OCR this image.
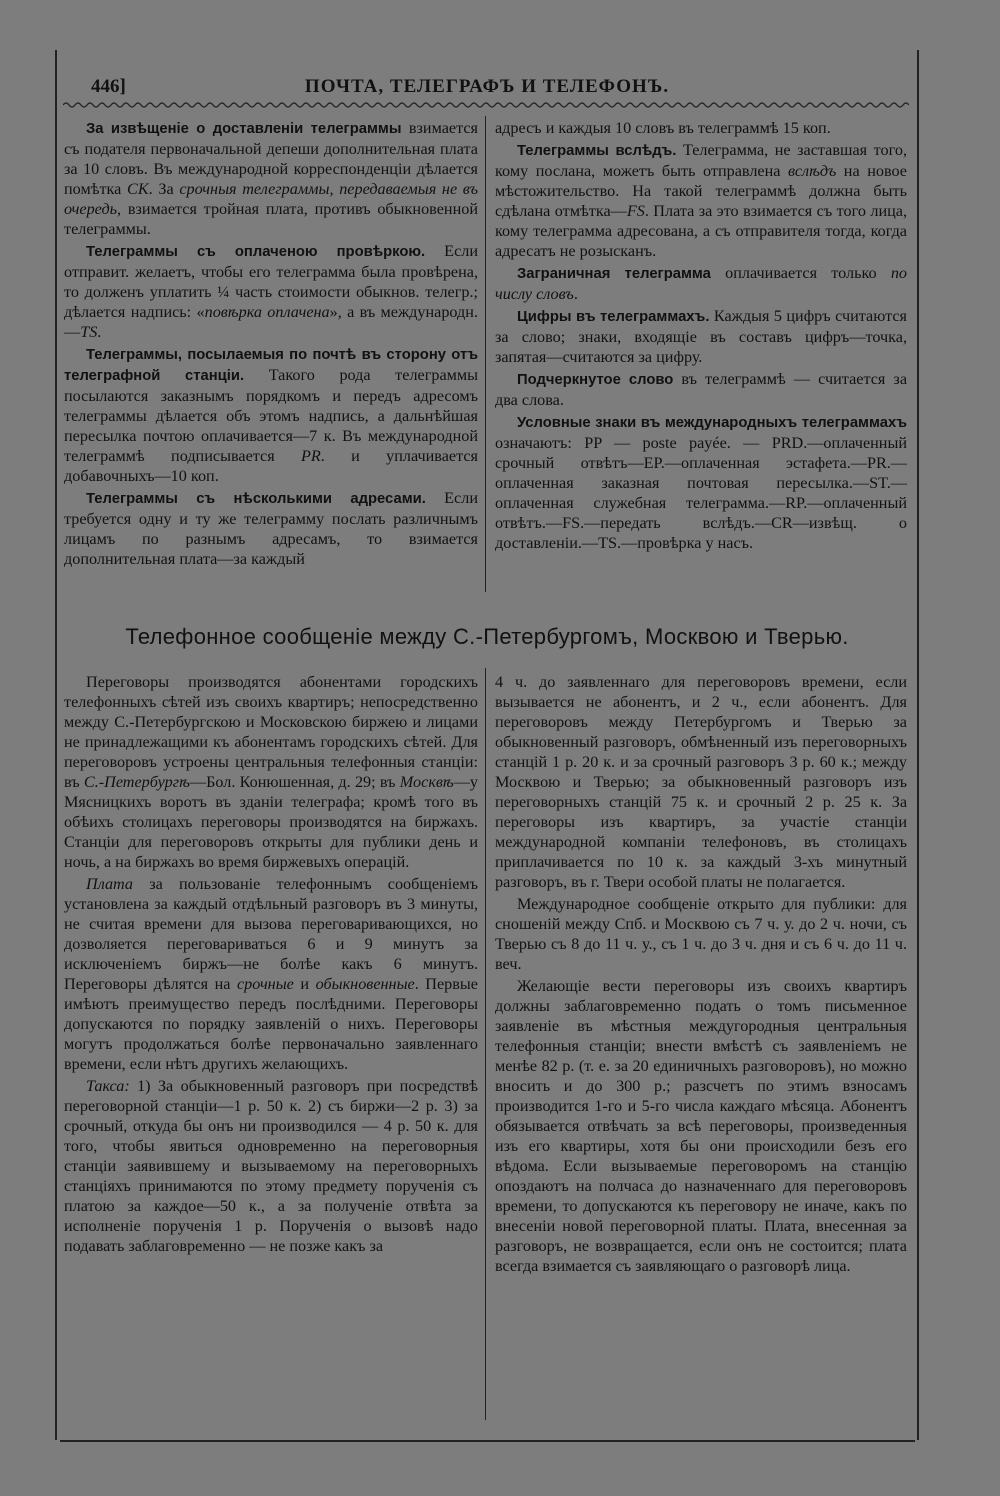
446]	ПОЧТА, ТЕЛЕГРАФЪ И ТЕЛЕФОНЪ.

За извѣщеніе о доставленіи телеграммы взимается съ подателя первоначальной депеши дополнительная плата за 10 словъ. Въ международной корреспонденціи дѣлается помѣтка CK. За срочныя телеграммы, передаваемыя не въ очередь, взимается тройная плата, противъ обыкновенной телеграммы.

Телеграммы съ оплаченою провѣркою. Если отправит. желаетъ, чтобы его телеграмма была провѣрена, то долженъ уплатить ¼ часть стоимости обыкнов. телегр.; дѣлается надпись: «повѣрка оплачена», а въ международн.—TS.

Телеграммы, посылаемыя по почтѣ въ сторону отъ телеграфной станціи. Такого рода телеграммы посылаются заказнымъ порядкомъ и передъ адресомъ телеграммы дѣлается объ этомъ надпись, а дальнѣйшая пересылка почтою оплачивается—7 к. Въ международной телеграммѣ подписывается PR. и уплачивается добавочныхъ—10 коп.

Телеграммы съ нѣсколькими адресами. Если требуется одну и ту же телеграмму послать различнымъ лицамъ по разнымъ адресамъ, то взимается дополнительная плата—за каждый

адресъ и каждыя 10 словъ въ телеграммѣ 15 коп.

Телеграммы вслѣдъ. Телеграмма, не заставшая того, кому послана, можетъ быть отправлена вслѣдъ на новое мѣстожительство. На такой телеграммѣ должна быть сдѣлана отмѣтка—FS. Плата за это взимается съ того лица, кому телеграмма адресована, а съ отправителя тогда, когда адресатъ не розысканъ.

Заграничная телеграмма оплачивается только по числу словъ.

Цифры въ телеграммахъ. Каждыя 5 цифръ считаются за слово; знаки, входящіе въ составъ цифръ—точка, запятая—считаются за цифру.

Подчеркнутое слово въ телеграммѣ — считается за два слова.

Условные знаки въ международныхъ телеграммахъ означаютъ: PP — poste payée. — PRD.—оплаченный срочный отвѣтъ—EP.—оплаченная эстафета.—PR.—оплаченная заказная почтовая пересылка.—ST.—оплаченная служебная телеграмма.—RP.—оплаченный отвѣтъ.—FS.—передать вслѣдъ.—CR—извѣщ. о доставленіи.—TS.—провѣрка у насъ.

Телефонное сообщеніе между С.-Петербургомъ, Москвою и Тверью.

Переговоры производятся абонентами городскихъ телефонныхъ сѣтей изъ своихъ квартиръ; непосредственно между С.-Петербургскою и Московскою биржею и лицами не принадлежащими къ абонентамъ городскихъ сѣтей. Для переговоровъ устроены центральныя телефонныя станціи: въ С.-Петербургѣ—Бол. Конюшенная, д. 29; въ Москвѣ—у Мясницкихъ воротъ въ зданіи телеграфа; кромѣ того въ обѣихъ столицахъ переговоры производятся на биржахъ. Станціи для переговоровъ открыты для публики день и ночь, а на биржахъ во время биржевыхъ операцій.

Плата за пользованіе телефоннымъ сообщеніемъ установлена за каждый отдѣльный разговоръ въ 3 минуты, не считая времени для вызова переговаривающихся, но дозволяется переговариваться 6 и 9 минутъ за исключеніемъ биржъ—не болѣе какъ 6 минутъ. Переговоры дѣлятся на срочные и обыкновенные. Первые имѣютъ преимущество передъ послѣдними. Переговоры допускаются по порядку заявленій о нихъ. Переговоры могутъ продолжаться болѣе первоначально заявленнаго времени, если нѣтъ другихъ желающихъ.

Такса: 1) За обыкновенный разговоръ при посредствѣ переговорной станціи—1 р. 50 к. 2) съ биржи—2 р. 3) за срочный, откуда бы онъ ни производился — 4 р. 50 к. для того, чтобы явиться одновременно на переговорныя станціи заявившему и вызываемому на переговорныхъ станціяхъ принимаются по этому предмету порученія съ платою за каждое—50 к., а за полученіе отвѣта за исполненіе порученія 1 р. Порученія о вызовѣ надо подавать заблаговременно — не позже какъ за

4 ч. до заявленнаго для переговоровъ времени, если вызывается не абонентъ, и 2 ч., если абонентъ. Для переговоровъ между Петербургомъ и Тверью за обыкновенный разговоръ, обмѣненный изъ переговорныхъ станцій 1 р. 20 к. и за срочный разговоръ 3 р. 60 к.; между Москвою и Тверью; за обыкновенный разговоръ изъ переговорныхъ станцій 75 к. и срочный 2 р. 25 к. За переговоры изъ квартиръ, за участіе станціи международной компаніи телефоновъ, въ столицахъ приплачивается по 10 к. за каждый 3-хъ минутный разговоръ, въ г. Твери особой платы не полагается.

Международное сообщеніе открыто для публики: для сношеній между Спб. и Москвою съ 7 ч. у. до 2 ч. ночи, съ Тверью съ 8 до 11 ч. у., съ 1 ч. до 3 ч. дня и съ 6 ч. до 11 ч. веч.

Желающіе вести переговоры изъ своихъ квартиръ должны заблаговременно подать о томъ письменное заявленіе въ мѣстныя междугородныя центральныя телефонныя станціи; внести вмѣстѣ съ заявленіемъ не менѣе 82 р. (т. е. за 20 единичныхъ разговоровъ), но можно вносить и до 300 р.; разсчетъ по этимъ взносамъ производится 1-го и 5-го числа каждаго мѣсяца. Абонентъ обязывается отвѣчать за всѣ переговоры, произведенныя изъ его квартиры, хотя бы они происходили безъ его вѣдома. Если вызываемые переговоромъ на станцію опоздаютъ на полчаса до назначеннаго для переговоровъ времени, то допускаются къ переговору не иначе, какъ по внесеніи новой переговорной платы. Плата, внесенная за разговоръ, не возвращается, если онъ не состоится; плата всегда взимается съ заявляющаго о разговорѣ лица.
